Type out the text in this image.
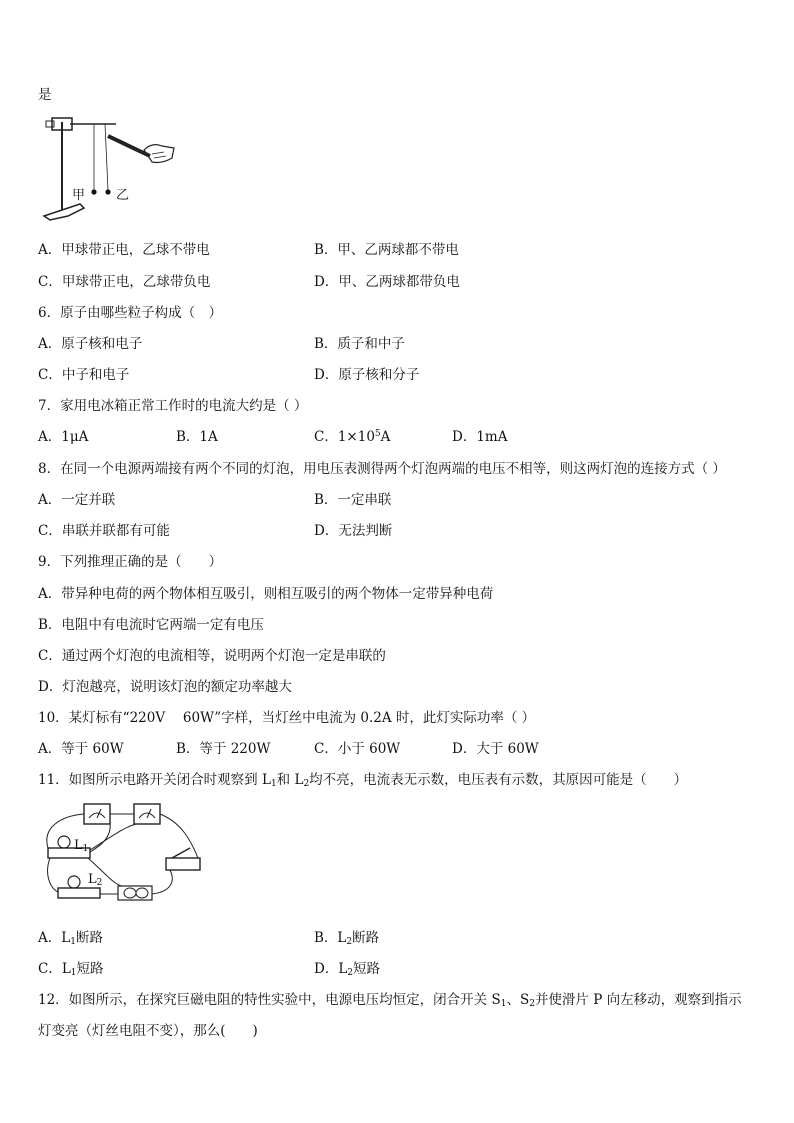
是
甲 乙
A．甲球带正电，乙球不带电	B．甲、乙两球都不带电
C．甲球带正电，乙球带负电	D．甲、乙两球都带负电
6．原子由哪些粒子构成（　）
A．原子核和电子	B．质子和中子
C．中子和电子	D．原子核和分子
7．家用电冰箱正常工作时的电流大约是（ ）
A．1μA	B．1A	C．$1\times 10^5A$	D．1mA
8．在同一个电源两端接有两个不同的灯泡，用电压表测得两个灯泡两端的电压不相等，则这两灯泡的连接方式（ ）
A．一定并联	B．一定串联
C．串联并联都有可能	D．无法判断
9．下列推理正确的是（　　）
A．带异种电荷的两个物体相互吸引，则相互吸引的两个物体一定带异种电荷
B．电阻中有电流时它两端一定有电压
C．通过两个灯泡的电流相等，说明两个灯泡一定是串联的
D．灯泡越亮，说明该灯泡的额定功率越大
10．某灯标有“220V　 60W”字样，当灯丝中电流为 0.2A 时，此灯实际功率（ ）
A．等于 60W	B．等于 220W	C．小于 60W	D．大于 60W
11．如图所示电路开关闭合时观察到 $L_1$和 $L_2$均不亮，电流表无示数，电压表有示数，其原因可能是（　　）
$L_1$
$L_2$
A．$L_1$断路	B．$L_2$断路
C．$L_1$短路	D．$L_2$短路
12．如图所示，在探究巨磁电阻的特性实验中，电源电压均恒定，闭合开关 $S_1$、$S_2$并使滑片 P 向左移动，观察到指示
灯变亮（灯丝电阻不变），那么(　　)
